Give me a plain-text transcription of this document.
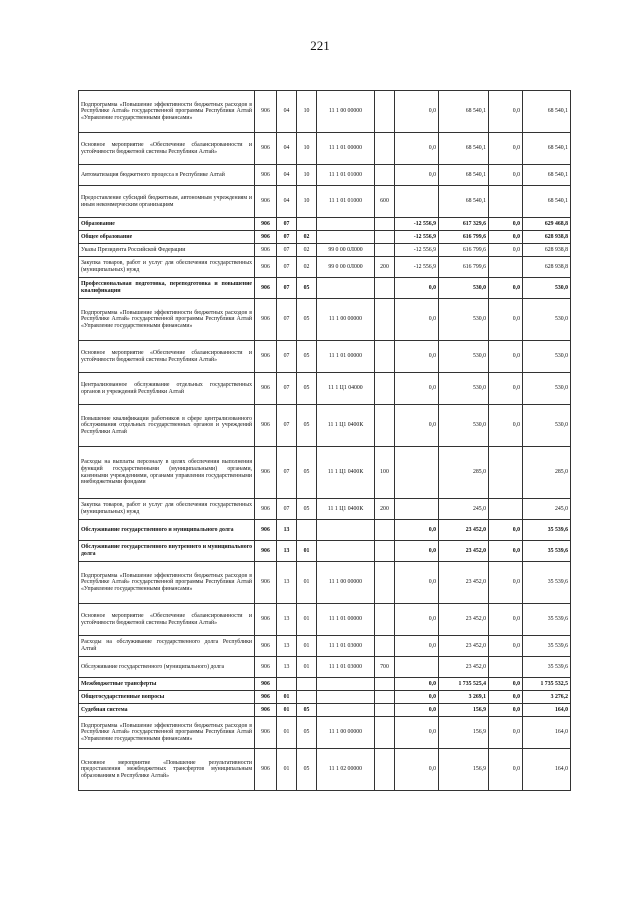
221
Подпрограмма «Повышение эффективности бюджетных расходов в Республике Алтай» государственной программы Республики Алтай «Управление государственными финансами»	906	04	10	11 1 00 00000		0,0	68 540,1	0,0	68 540,1
Основное мероприятие «Обеспечение сбалансированности и устойчивости бюджетной системы Республики Алтай»	906	04	10	11 1 01 00000		0,0	68 540,1	0,0	68 540,1
Автоматизация бюджетного процесса в Республике Алтай	906	04	10	11 1 01 01000		0,0	68 540,1	0,0	68 540,1
Предоставление субсидий бюджетным, автономным учреждениям и иным некоммерческим организациям	906	04	10	11 1 01 01000	600		68 540,1		68 540,1
Образование	906	07				-12 556,9	617 329,6	0,0	629 468,8
Общее образование	906	07	02			-12 556,9	616 799,6	0,0	628 938,8
Указы Президента Российской Федерации	906	07	02	99 0 00 0Л000		-12 556,9	616 799,6	0,0	628 938,8
Закупка товаров, работ и услуг для обеспечения государственных (муниципальных) нужд	906	07	02	99 0 00 0Л000	200	-12 556,9	616 799,6		628 938,8
Профессиональная подготовка, переподготовка и повышение квалификации	906	07	05			0,0	530,0	0,0	530,0
Подпрограмма «Повышение эффективности бюджетных расходов в Республике Алтай» государственной программы Республики Алтай «Управление государственными финансами»	906	07	05	11 1 00 00000		0,0	530,0	0,0	530,0
Основное мероприятие «Обеспечение сбалансированности и устойчивости бюджетной системы Республики Алтай»	906	07	05	11 1 01 00000		0,0	530,0	0,0	530,0
Централизованное обслуживание отдельных государственных органов и учреждений Республики Алтай	906	07	05	11 1 Ц1 04000		0,0	530,0	0,0	530,0
Повышение квалификации работников в сфере централизованного обслуживания отдельных государственных органов и учреждений Республики Алтай	906	07	05	11 1 Ц1 0400К		0,0	530,0	0,0	530,0
Расходы на выплаты персоналу в целях обеспечения выполнения функций государственными (муниципальными) органами, казенными учреждениями, органами управления государственными внебюджетными фондами	906	07	05	11 1 Ц1 0400К	100		285,0		285,0
Закупка товаров, работ и услуг для обеспечения государственных (муниципальных) нужд	906	07	05	11 1 Ц1 0400К	200		245,0		245,0
Обслуживание государственного и муниципального долга	906	13				0,0	23 452,0	0,0	35 539,6
Обслуживание государственного внутреннего и муниципального долга	906	13	01			0,0	23 452,0	0,0	35 539,6
Подпрограмма «Повышение эффективности бюджетных расходов в Республике Алтай» государственной программы Республики Алтай «Управление государственными финансами»	906	13	01	11 1 00 00000		0,0	23 452,0	0,0	35 539,6
Основное мероприятие «Обеспечение сбалансированности и устойчивости бюджетной системы Республики Алтай»	906	13	01	11 1 01 00000		0,0	23 452,0	0,0	35 539,6
Расходы на обслуживание государственного долга Республики Алтай	906	13	01	11 1 01 03000		0,0	23 452,0	0,0	35 539,6
Обслуживание государственного (муниципального) долга	906	13	01	11 1 01 03000	700		23 452,0		35 539,6
Межбюджетные трансферты	906					0,0	1 735 525,4	0,0	1 735 532,5
Общегосударственные вопросы	906	01				0,0	3 269,1	0,0	3 276,2
Судебная система	906	01	05			0,0	156,9	0,0	164,0
Подпрограмма «Повышение эффективности бюджетных расходов в Республике Алтай» государственной программы Республики Алтай «Управление государственными финансами»	906	01	05	11 1 00 00000		0,0	156,9	0,0	164,0
Основное мероприятие «Повышение результативности предоставления межбюджетных трансфертов муниципальным образованиям в Республике Алтай»	906	01	05	11 1 02 00000		0,0	156,9	0,0	164,0
